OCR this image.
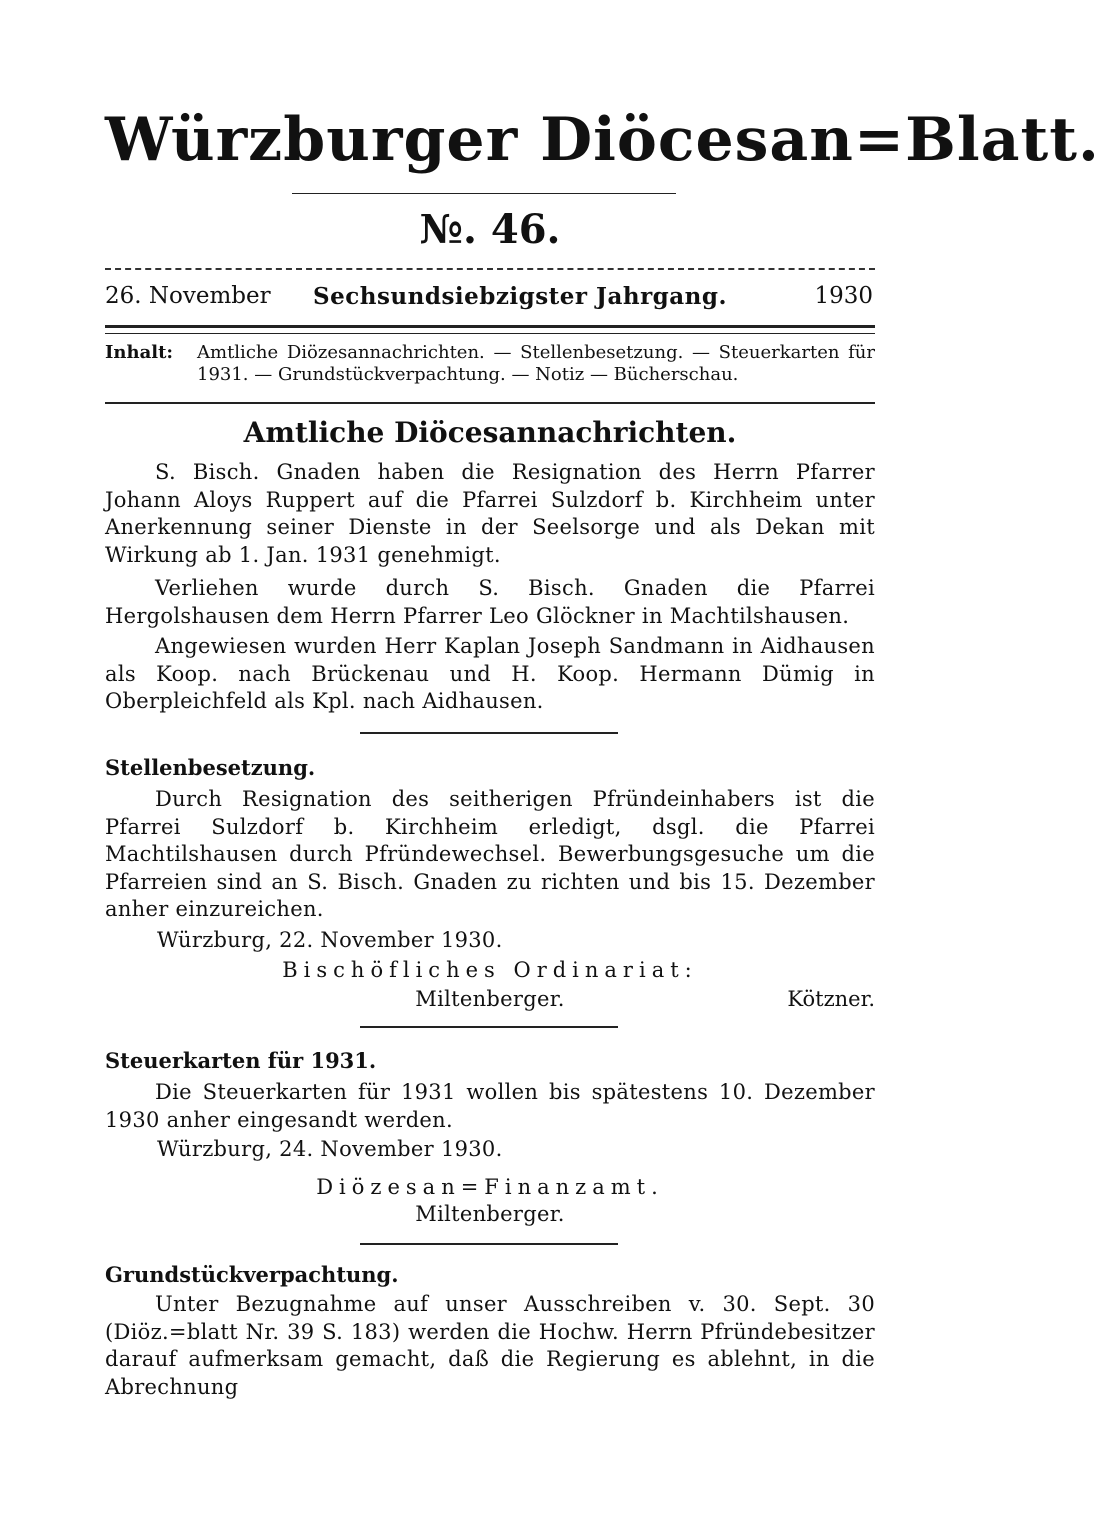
Würzburger Diöcesan=Blatt.
№. 46.
26. November Sechsundsiebzigster Jahrgang.	1930
Inhalt: Amtliche Diözesannachrichten. — Stellenbesetzung. — Steuerkarten für 1931. — Grundstückverpachtung. — Notiz — Bücherschau.
Amtliche Diöcesannachrichten.
S. Bisch. Gnaden haben die Resignation des Herrn Pfarrer Johann Aloys Ruppert auf die Pfarrei Sulzdorf b. Kirchheim unter Anerkennung seiner Dienste in der Seelsorge und als Dekan mit Wirkung ab 1. Jan. 1931 genehmigt.
Verliehen wurde durch S. Bisch. Gnaden die Pfarrei Hergolshausen dem Herrn Pfarrer Leo Glöckner in Machtilshausen.
Angewiesen wurden Herr Kaplan Joseph Sandmann in Aidhausen als Koop. nach Brückenau und H. Koop. Hermann Dümig in Oberpleichfeld als Kpl. nach Aidhausen.
Stellenbesetzung.
Durch Resignation des seitherigen Pfründeinhabers ist die Pfarrei Sulzdorf b. Kirchheim erledigt, dsgl. die Pfarrei Machtilshausen durch Pfründewechsel. Bewerbungsgesuche um die Pfarreien sind an S. Bisch. Gnaden zu richten und bis 15. Dezember anher einzureichen.
Würzburg, 22. November 1930.
Bischöfliches Ordinariat:
Miltenberger.	Kötzner.
Steuerkarten für 1931.
Die Steuerkarten für 1931 wollen bis spätestens 10. Dezember 1930 anher eingesandt werden.
Würzburg, 24. November 1930.
Diözesan=Finanzamt.
Miltenberger.
Grundstückverpachtung.
Unter Bezugnahme auf unser Ausschreiben v. 30. Sept. 30 (Diöz.=blatt Nr. 39 S. 183) werden die Hochw. Herrn Pfründebesitzer darauf aufmerksam gemacht, daß die Regierung es ablehnt, in die Abrechnung
